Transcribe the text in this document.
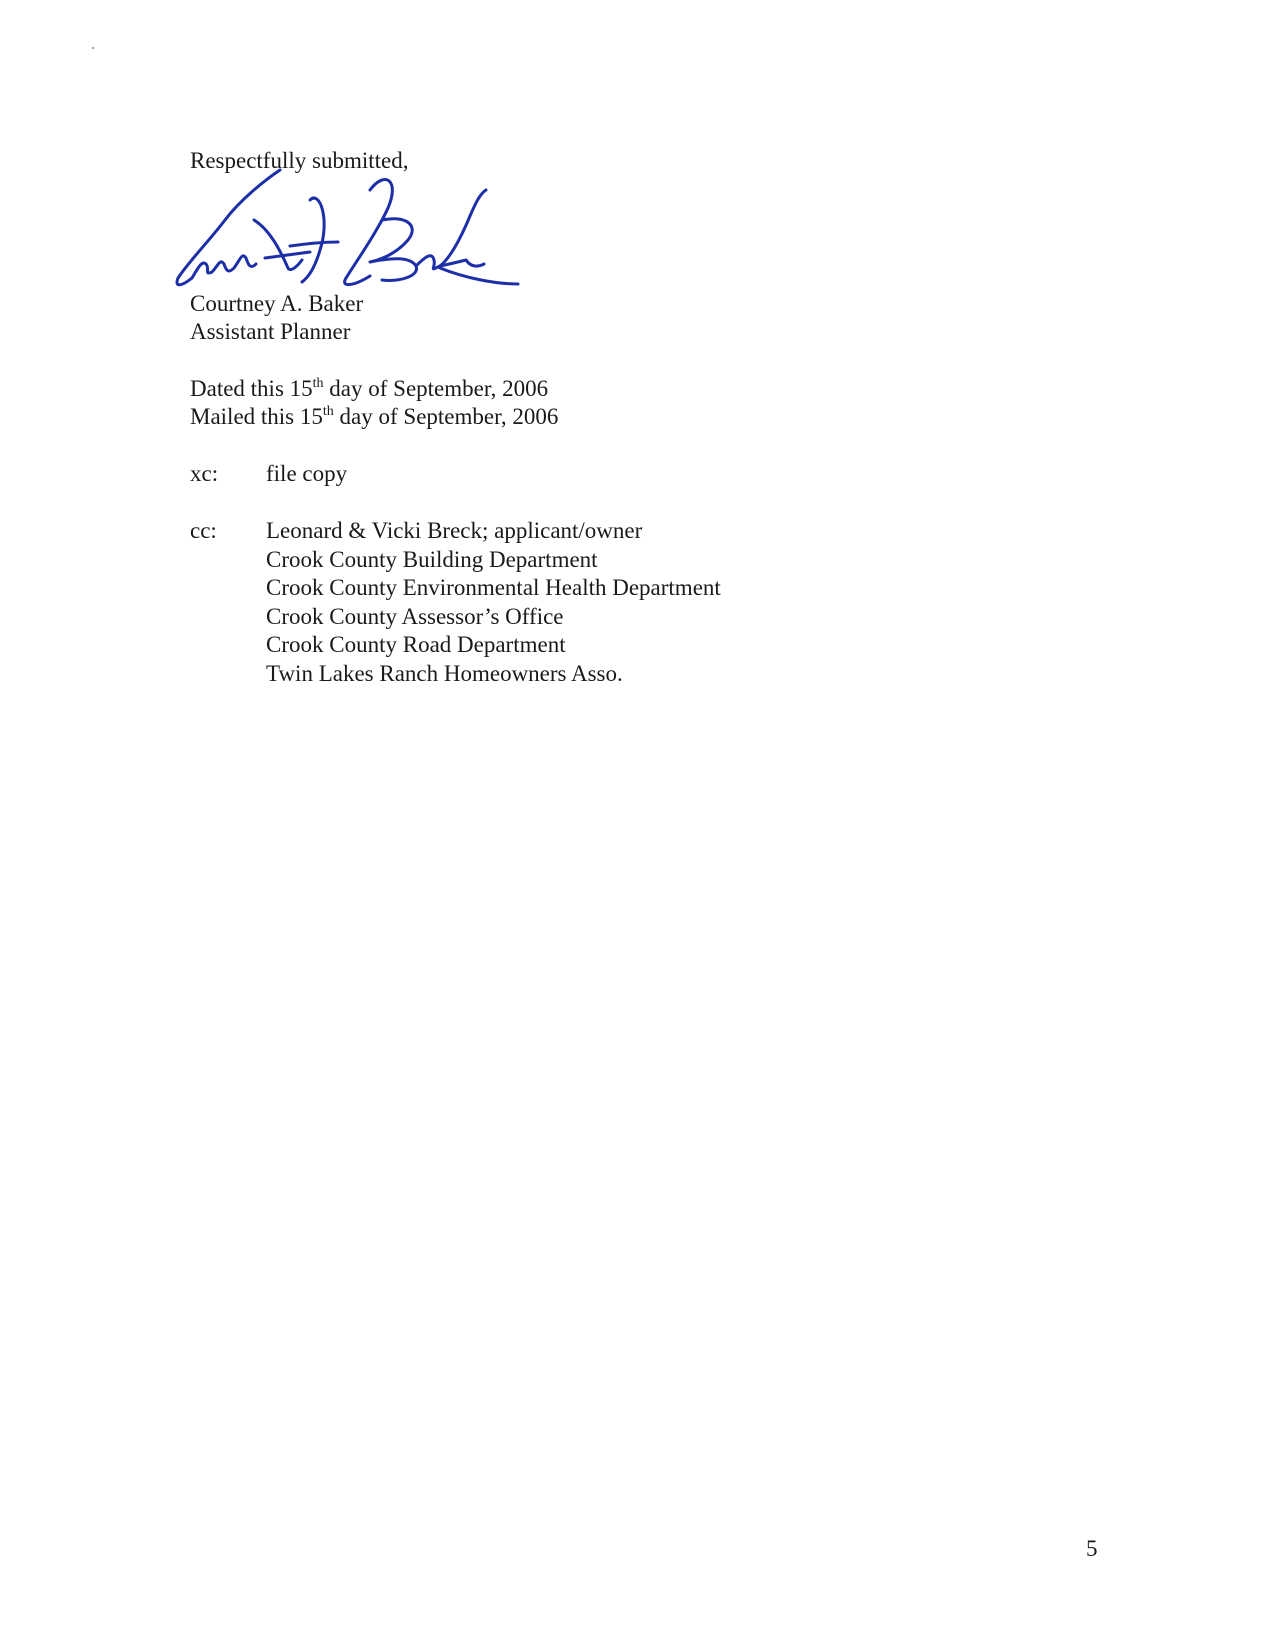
Respectfully submitted,
Courtney A. Baker
Assistant Planner
Dated this 15th day of September, 2006
Mailed this 15th day of September, 2006
xc: file copy
cc: Leonard & Vicki Breck; applicant/owner
Crook County Building Department
Crook County Environmental Health Department
Crook County Assessor’s Office
Crook County Road Department
Twin Lakes Ranch Homeowners Asso.
5
